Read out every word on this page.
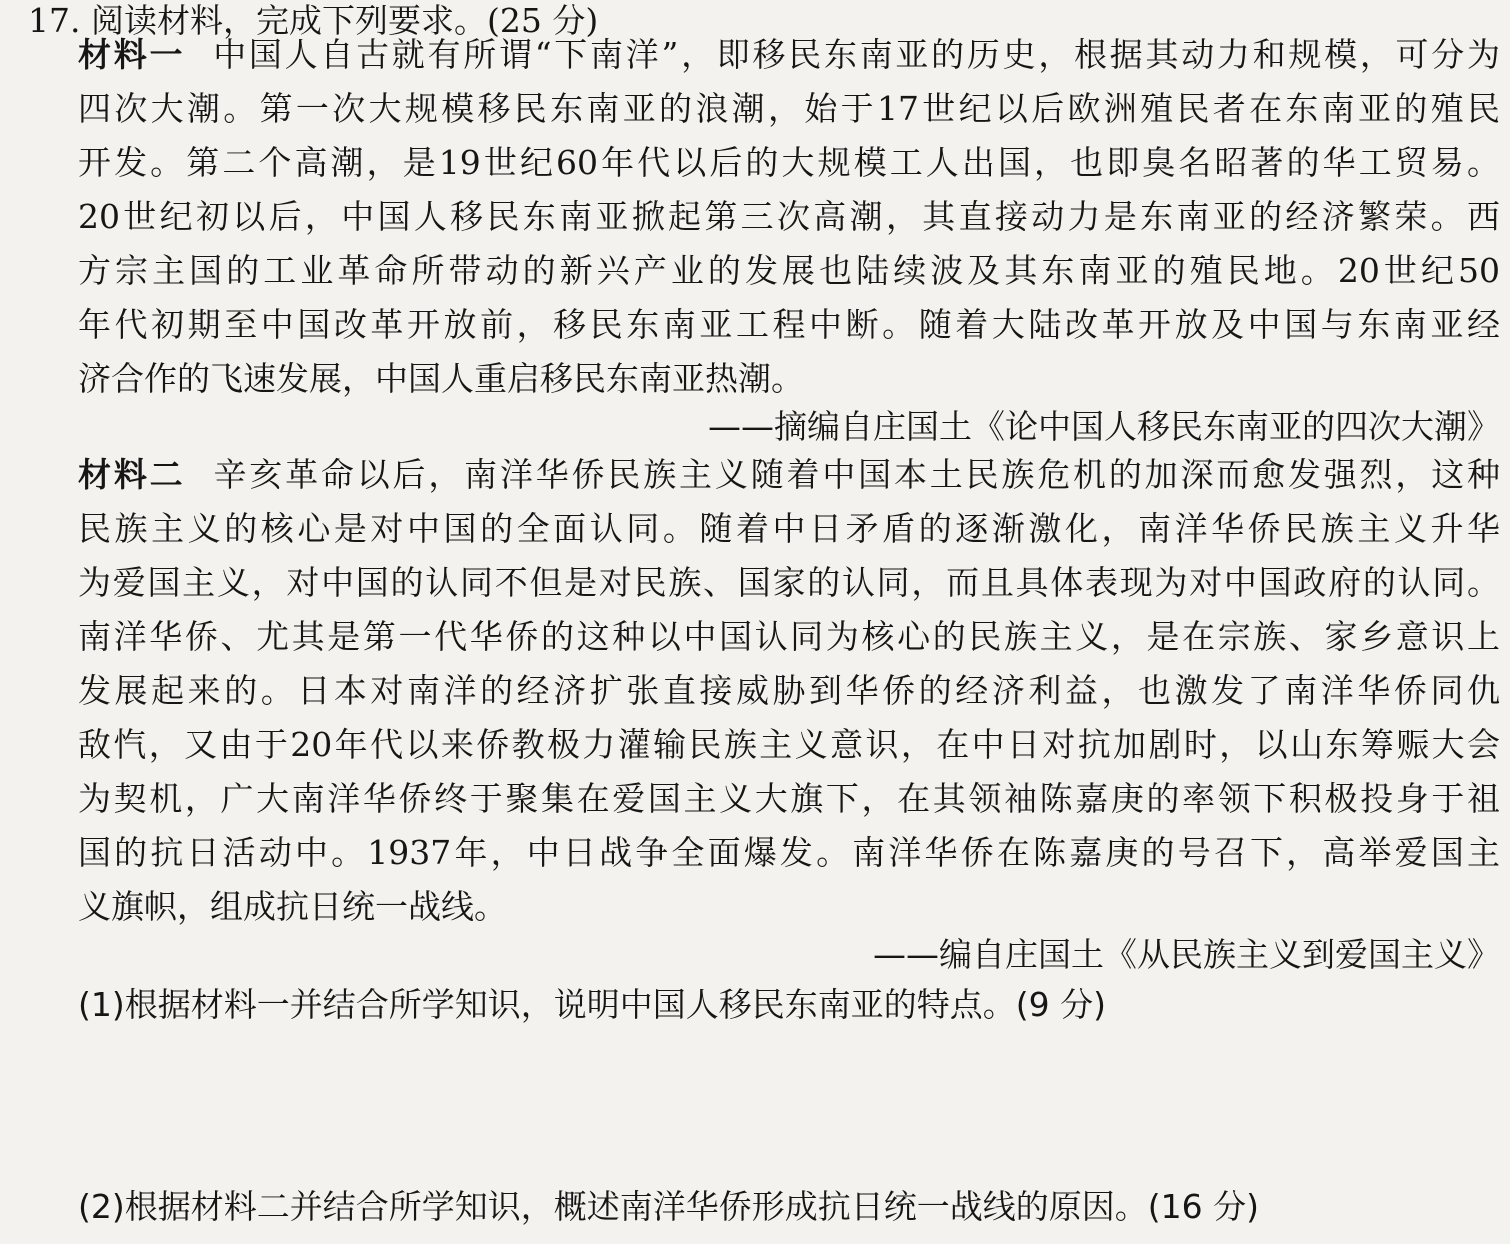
17. 阅读材料，完成下列要求。(25 分)
材料一 中国人自古就有所谓“下南洋”，即移民东南亚的历史，根据其动力和规模，可分为
四次大潮。第一次大规模移民东南亚的浪潮，始于17世纪以后欧洲殖民者在东南亚的殖民
开发。第二个高潮，是19世纪60年代以后的大规模工人出国，也即臭名昭著的华工贸易。
20世纪初以后，中国人移民东南亚掀起第三次高潮，其直接动力是东南亚的经济繁荣。西
方宗主国的工业革命所带动的新兴产业的发展也陆续波及其东南亚的殖民地。20世纪50
年代初期至中国改革开放前，移民东南亚工程中断。随着大陆改革开放及中国与东南亚经
济合作的飞速发展，中国人重启移民东南亚热潮。
——摘编自庄国土《论中国人移民东南亚的四次大潮》
材料二 辛亥革命以后，南洋华侨民族主义随着中国本土民族危机的加深而愈发强烈，这种
民族主义的核心是对中国的全面认同。随着中日矛盾的逐渐激化，南洋华侨民族主义升华
为爱国主义，对中国的认同不但是对民族、国家的认同，而且具体表现为对中国政府的认同。
南洋华侨、尤其是第一代华侨的这种以中国认同为核心的民族主义，是在宗族、家乡意识上
发展起来的。日本对南洋的经济扩张直接威胁到华侨的经济利益，也激发了南洋华侨同仇
敌忾，又由于20年代以来侨教极力灌输民族主义意识，在中日对抗加剧时，以山东筹赈大会
为契机，广大南洋华侨终于聚集在爱国主义大旗下，在其领袖陈嘉庚的率领下积极投身于祖
国的抗日活动中。1937年，中日战争全面爆发。南洋华侨在陈嘉庚的号召下，高举爱国主
义旗帜，组成抗日统一战线。
——编自庄国土《从民族主义到爱国主义》
(1)根据材料一并结合所学知识，说明中国人移民东南亚的特点。(9 分)
(2)根据材料二并结合所学知识，概述南洋华侨形成抗日统一战线的原因。(16 分)
